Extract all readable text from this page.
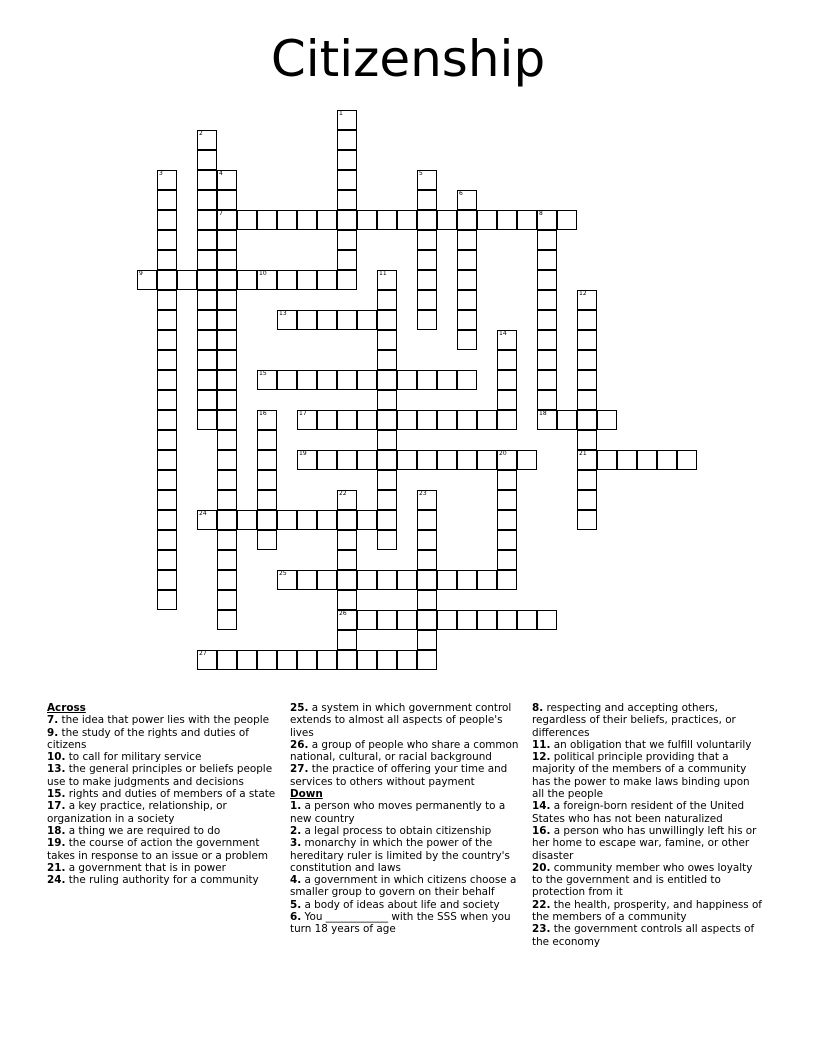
Citizenship
1
2
3	4
7
5
6
8
9	10	11
12
21
13
14
15
16	17	18
19	20
22
26
23
24
25
27
Across
7. the idea that power lies with the people
9. the study of the rights and duties of citizens
10. to call for military service
13. the general principles or beliefs people use to make judgments and decisions
15. rights and duties of members of a state
17. a key practice, relationship, or organization in a society
18. a thing we are required to do
19. the course of action the government takes in response to an issue or a problem
21. a government that is in power
24. the ruling authority for a community
25. a system in which government control extends to almost all aspects of people's lives
26. a group of people who share a common national, cultural, or racial background
27. the practice of offering your time and services to others without payment
Down
1. a person who moves permanently to a new country
2. a legal process to obtain citizenship
3. monarchy in which the power of the hereditary ruler is limited by the country's constitution and laws
4. a government in which citizens choose a smaller group to govern on their behalf
5. a body of ideas about life and society
6. You ____________ with the SSS when you turn 18 years of age
8. respecting and accepting others, regardless of their beliefs, practices, or differences
11. an obligation that we fulfill voluntarily
12. political principle providing that a majority of the members of a community has the power to make laws binding upon all the people
14. a foreign-born resident of the United States who has not been naturalized
16. a person who has unwillingly left his or her home to escape war, famine, or other disaster
20. community member who owes loyalty to the government and is entitled to protection from it
22. the health, prosperity, and happiness of the members of a community
23. the government controls all aspects of the economy
